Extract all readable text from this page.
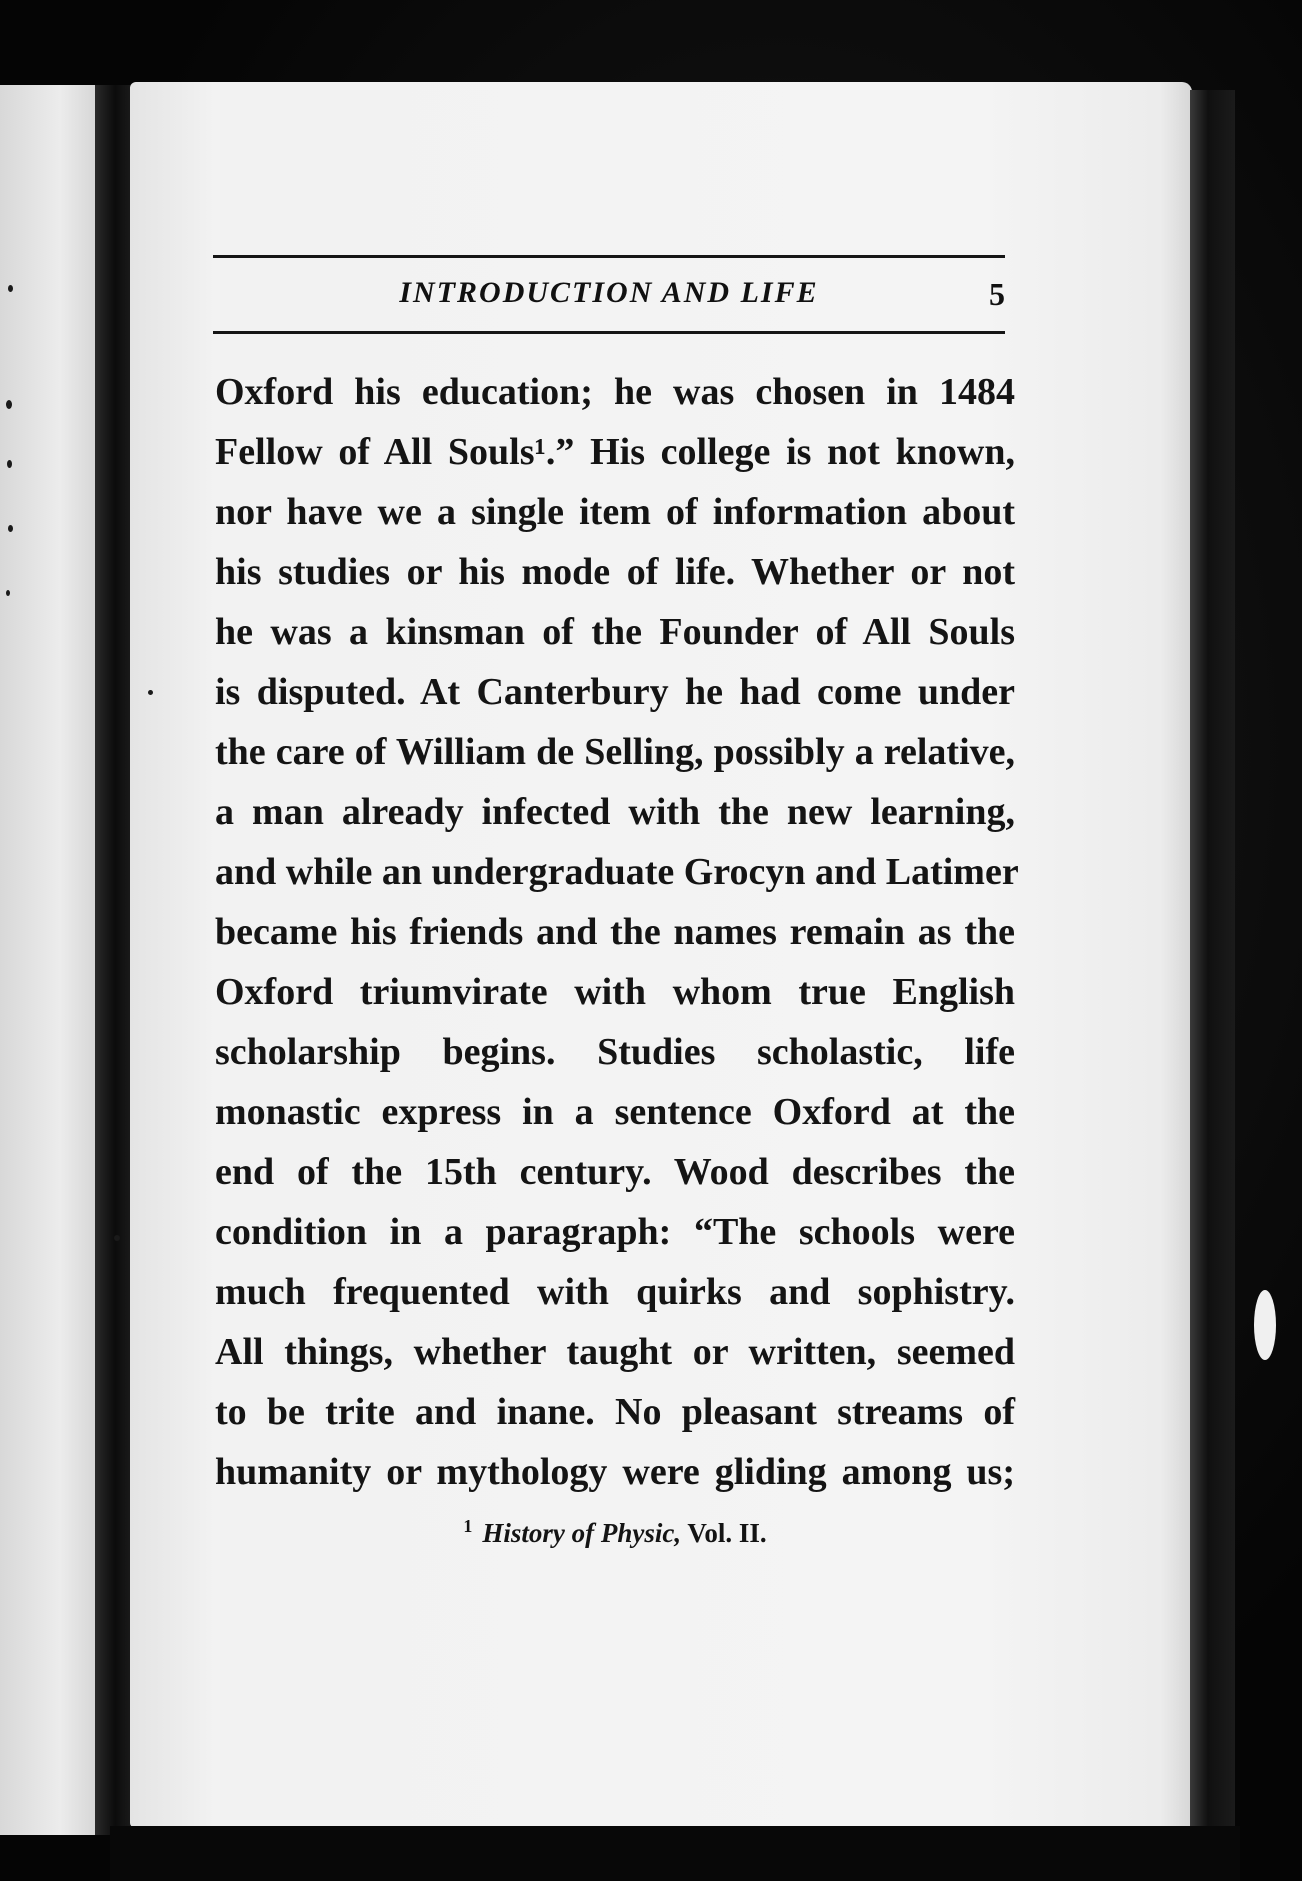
INTRODUCTION AND LIFE	5
Oxford his education; he was chosen in 1484
Fellow of All Souls¹.” His college is not known,
nor have we a single item of information about
his studies or his mode of life. Whether or not
he was a kinsman of the Founder of All Souls
is disputed. At Canterbury he had come under
the care of William de Selling, possibly a relative,
a man already infected with the new learning,
and while an undergraduate Grocyn and Latimer
became his friends and the names remain as the
Oxford triumvirate with whom true English
scholarship begins. Studies scholastic, life
monastic express in a sentence Oxford at the
end of the 15th century. Wood describes the
condition in a paragraph: “The schools were
much frequented with quirks and sophistry.
All things, whether taught or written, seemed
to be trite and inane. No pleasant streams of
humanity or mythology were gliding among us;
$^1$ History of Physic, Vol. II.
